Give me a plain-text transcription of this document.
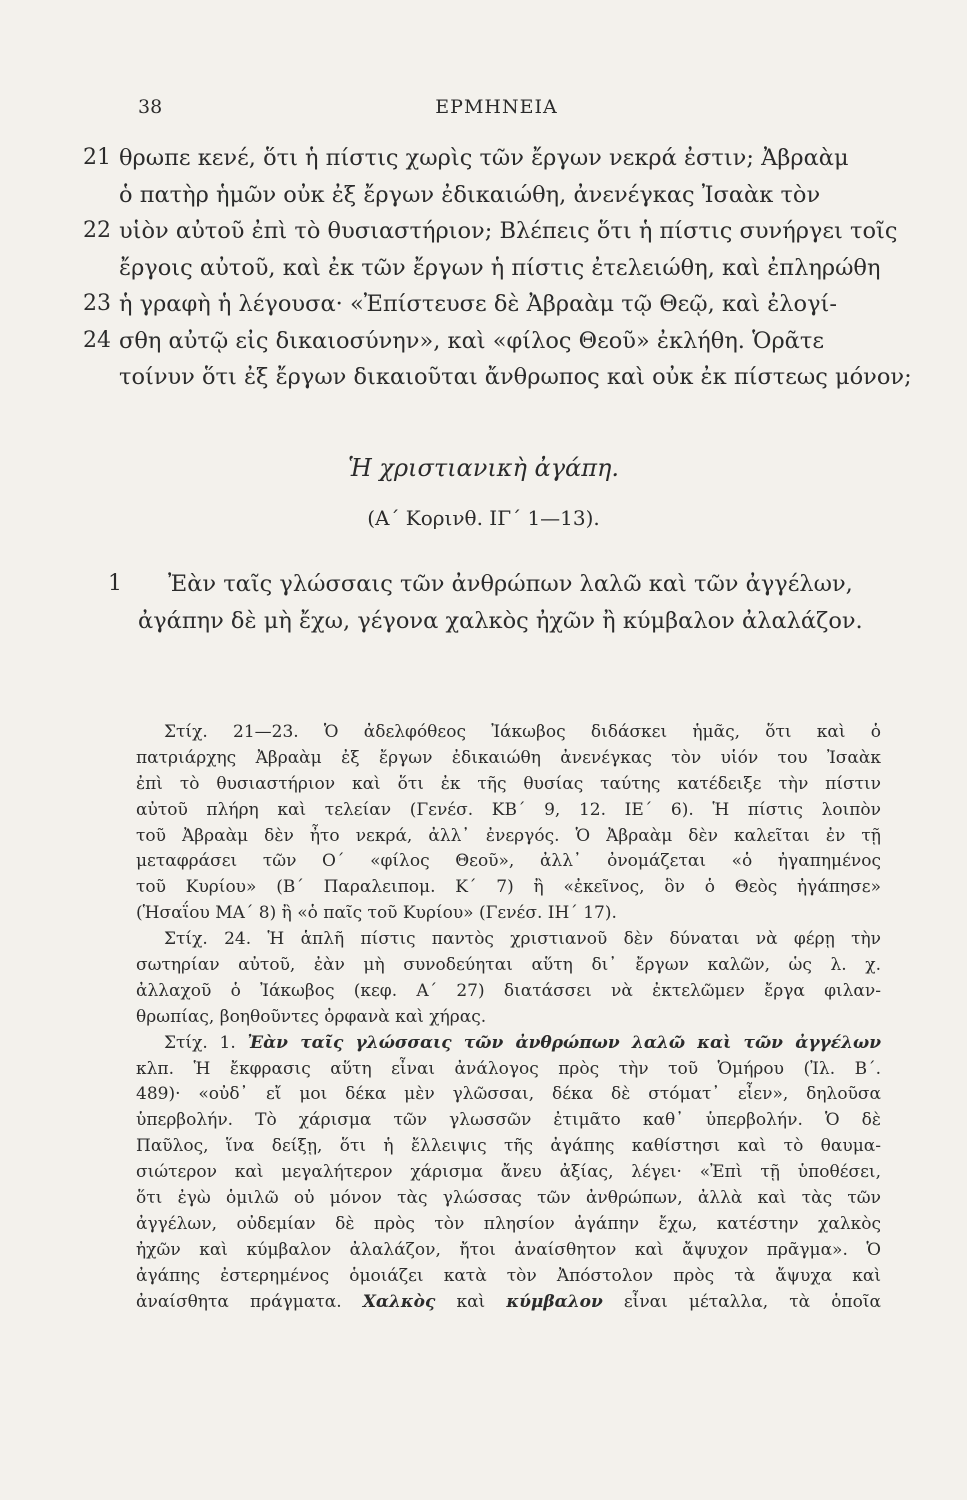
38	ΕΡΜΗΝΕΙΑ
21 θρωπε κενέ, ὅτι ἡ πίστις χωρὶς τῶν ἔργων νεκρά ἐστιν; Ἀβραὰμ
ὁ πατὴρ ἡμῶν οὐκ ἐξ ἔργων ἐδικαιώθη, ἀνενέγκας Ἰσαὰκ τὸν
22 υἱὸν αὐτοῦ ἐπὶ τὸ θυσιαστήριον; Βλέπεις ὅτι ἡ πίστις συνήργει τοῖς
ἔργοις αὐτοῦ, καὶ ἐκ τῶν ἔργων ἡ πίστις ἐτελειώθη, καὶ ἐπληρώθη
23 ἡ γραφὴ ἡ λέγουσα· «Ἐπίστευσε δὲ Ἀβραὰμ τῷ Θεῷ, καὶ ἐλογί-
24 σθη αὐτῷ εἰς δικαιοσύνην», καὶ «φίλος Θεοῦ» ἐκλήθη. Ὁρᾶτε
τοίνυν ὅτι ἐξ ἔργων δικαιοῦται ἄνθρωπος καὶ οὐκ ἐκ πίστεως μόνον;
Ἡ χριστιανικὴ ἀγάπη.
(Α΄ Κορινθ. ΙΓ΄ 1—13).
1	Ἐὰν ταῖς γλώσσαις τῶν ἀνθρώπων λαλῶ καὶ τῶν ἀγγέλων,
ἀγάπην δὲ μὴ ἔχω, γέγονα χαλκὸς ἠχῶν ἢ κύμβαλον ἀλαλάζον.
Στίχ. 21—23. Ὁ ἀδελφόθεος Ἰάκωβος διδάσκει ἡμᾶς, ὅτι καὶ ὁ
πατριάρχης Ἀβραὰμ ἐξ ἔργων ἐδικαιώθη ἀνενέγκας τὸν υἱόν του Ἰσαὰκ
ἐπὶ τὸ θυσιαστήριον καὶ ὅτι ἐκ τῆς θυσίας ταύτης κατέδειξε τὴν πίστιν
αὐτοῦ πλήρη καὶ τελείαν (Γενέσ. ΚΒ΄ 9, 12. ΙΕ΄ 6). Ἡ πίστις λοιπὸν
τοῦ Ἀβραὰμ δὲν ἦτο νεκρά, ἀλλ᾽ ἐνεργός. Ὁ Ἀβραὰμ δὲν καλεῖται ἐν τῇ
μεταφράσει τῶν Ο΄ «φίλος Θεοῦ», ἀλλ᾽ ὀνομάζεται «ὁ ἠγαπημένος
τοῦ Κυρίου» (Β΄ Παραλειπομ. Κ΄ 7) ἢ «ἐκεῖνος, ὃν ὁ Θεὸς ἠγάπησε»
(Ἡσαΐου ΜΑ΄ 8) ἢ «ὁ παῖς τοῦ Κυρίου» (Γενέσ. ΙΗ΄ 17).
Στίχ. 24. Ἡ ἁπλῆ πίστις παντὸς χριστιανοῦ δὲν δύναται νὰ φέρῃ τὴν
σωτηρίαν αὐτοῦ, ἐὰν μὴ συνοδεύηται αὕτη δι᾽ ἔργων καλῶν, ὡς λ. χ.
ἀλλαχοῦ ὁ Ἰάκωβος (κεφ. Α΄ 27) διατάσσει νὰ ἐκτελῶμεν ἔργα φιλαν-
θρωπίας, βοηθοῦντες ὀρφανὰ καὶ χήρας.
Στίχ. 1. Ἐὰν ταῖς γλώσσαις τῶν ἀνθρώπων λαλῶ καὶ τῶν ἀγγέλων
κλπ. Ἡ ἔκφρασις αὕτη εἶναι ἀνάλογος πρὸς τὴν τοῦ Ὁμήρου (Ἰλ. Β΄.
489)· «οὐδ᾽ εἴ μοι δέκα μὲν γλῶσσαι, δέκα δὲ στόματ᾽ εἶεν», δηλοῦσα
ὑπερβολήν. Τὸ χάρισμα τῶν γλωσσῶν ἐτιμᾶτο καθ᾽ ὑπερβολήν. Ὁ δὲ
Παῦλος, ἵνα δείξῃ, ὅτι ἡ ἔλλειψις τῆς ἀγάπης καθίστησι καὶ τὸ θαυμα-
σιώτερον καὶ μεγαλήτερον χάρισμα ἄνευ ἀξίας, λέγει· «Ἐπὶ τῇ ὑποθέσει,
ὅτι ἐγὼ ὁμιλῶ οὐ μόνον τὰς γλώσσας τῶν ἀνθρώπων, ἀλλὰ καὶ τὰς τῶν
ἀγγέλων, οὐδεμίαν δὲ πρὸς τὸν πλησίον ἀγάπην ἔχω, κατέστην χαλκὸς
ἠχῶν καὶ κύμβαλον ἀλαλάζον, ἤτοι ἀναίσθητον καὶ ἄψυχον πρᾶγμα». Ὁ
ἀγάπης ἐστερημένος ὁμοιάζει κατὰ τὸν Ἀπόστολον πρὸς τὰ ἄψυχα καὶ
ἀναίσθητα πράγματα. Χαλκὸς καὶ κύμβαλον εἶναι μέταλλα, τὰ ὁποῖα
